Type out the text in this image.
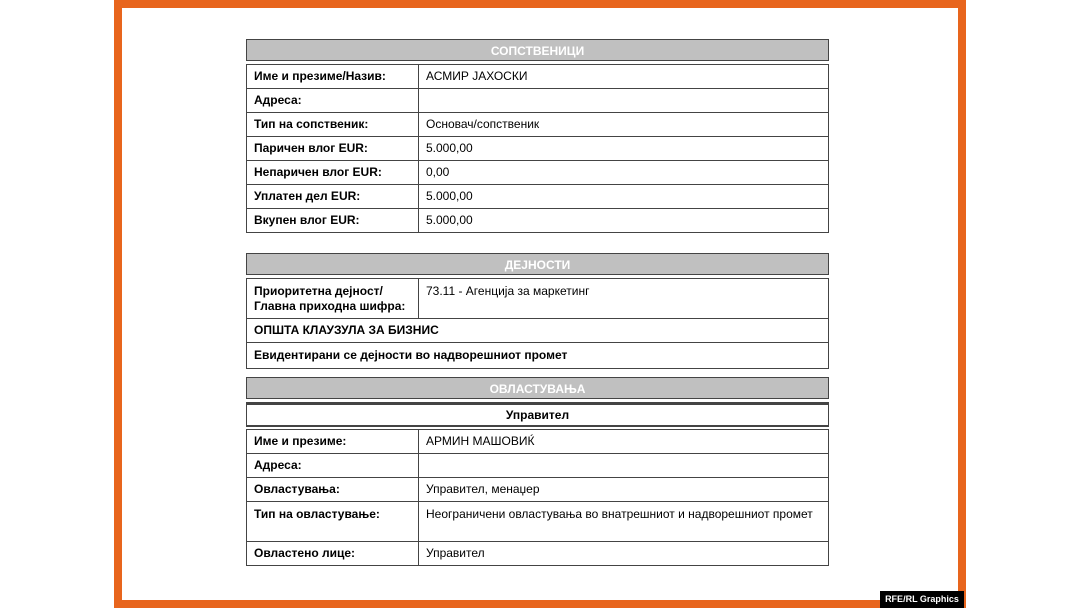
СОПСТВЕНИЦИ
Име и презиме/Назив:	АСМИР ЈАХОСКИ
Адреса:	
Тип на сопственик:	Основач/сопственик
Паричен влог EUR:	5.000,00
Непаричен влог EUR:	0,00
Уплатен дел EUR:	5.000,00
Вкупен влог EUR:	5.000,00
ДЕЈНОСТИ
Приоритетна дејност/ Главна приходна шифра:	73.11 - Агенција за маркетинг
ОПШТА КЛАУЗУЛА ЗА БИЗНИС
Евидентирани се дејности во надворешниот промет
ОВЛАСТУВАЊА
Управител
Име и презиме:	АРМИН МАШОВИЌ
Адреса:	
Овластувања:	Управител, менаџер
Тип на овластување:	Неограничени овластувања во внатрешниот и надворешниот промет
Овластено лице:	Управител
RFE/RL Graphics
